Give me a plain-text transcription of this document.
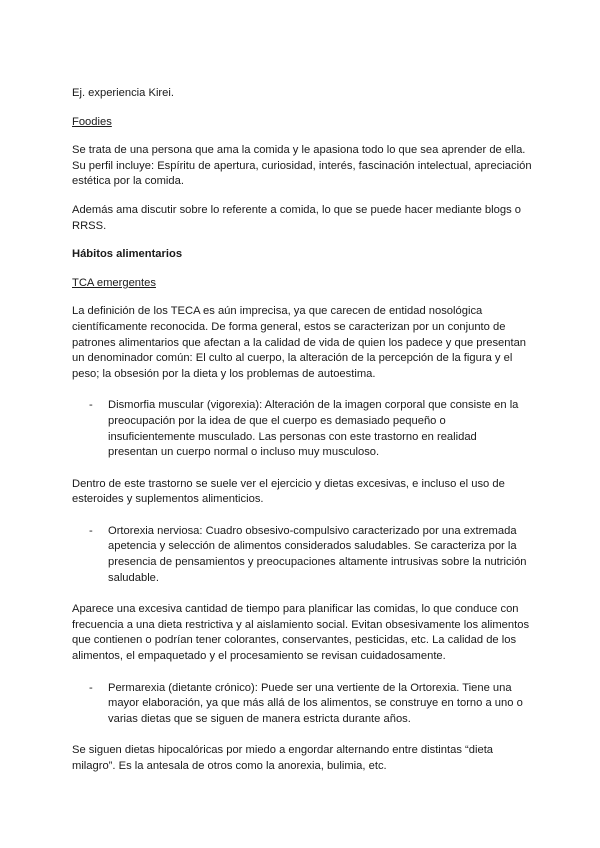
Ej. experiencia Kirei.

Foodies

Se trata de una persona que ama la comida y le apasiona todo lo que sea aprender de ella. Su perfil incluye: Espíritu de apertura, curiosidad, interés, fascinación intelectual, apreciación estética por la comida.

Además ama discutir sobre lo referente a comida, lo que se puede hacer mediante blogs o RRSS.

Hábitos alimentarios

TCA emergentes

La definición de los TECA es aún imprecisa, ya que carecen de entidad nosológica científicamente reconocida. De forma general, estos se caracterizan por un conjunto de patrones alimentarios que afectan a la calidad de vida de quien los padece y que presentan un denominador común: El culto al cuerpo, la alteración de la percepción de la figura y el peso; la obsesión por la dieta y los problemas de autoestima.

- Dismorfia muscular (vigorexia): Alteración de la imagen corporal que consiste en la preocupación por la idea de que el cuerpo es demasiado pequeño o insuficientemente musculado. Las personas con este trastorno en realidad presentan un cuerpo normal o incluso muy musculoso.

Dentro de este trastorno se suele ver el ejercicio y dietas excesivas, e incluso el uso de esteroides y suplementos alimenticios.

- Ortorexia nerviosa: Cuadro obsesivo-compulsivo caracterizado por una extremada apetencia y selección de alimentos considerados saludables. Se caracteriza por la presencia de pensamientos y preocupaciones altamente intrusivas sobre la nutrición saludable.

Aparece una excesiva cantidad de tiempo para planificar las comidas, lo que conduce con frecuencia a una dieta restrictiva y al aislamiento social. Evitan obsesivamente los alimentos que contienen o podrían tener colorantes, conservantes, pesticidas, etc. La calidad de los alimentos, el empaquetado y el procesamiento se revisan cuidadosamente.

- Permarexia (dietante crónico): Puede ser una vertiente de la Ortorexia. Tiene una mayor elaboración, ya que más allá de los alimentos, se construye en torno a uno o varias dietas que se siguen de manera estricta durante años.

Se siguen dietas hipocalóricas por miedo a engordar alternando entre distintas “dieta milagro”. Es la antesala de otros como la anorexia, bulimia, etc.
